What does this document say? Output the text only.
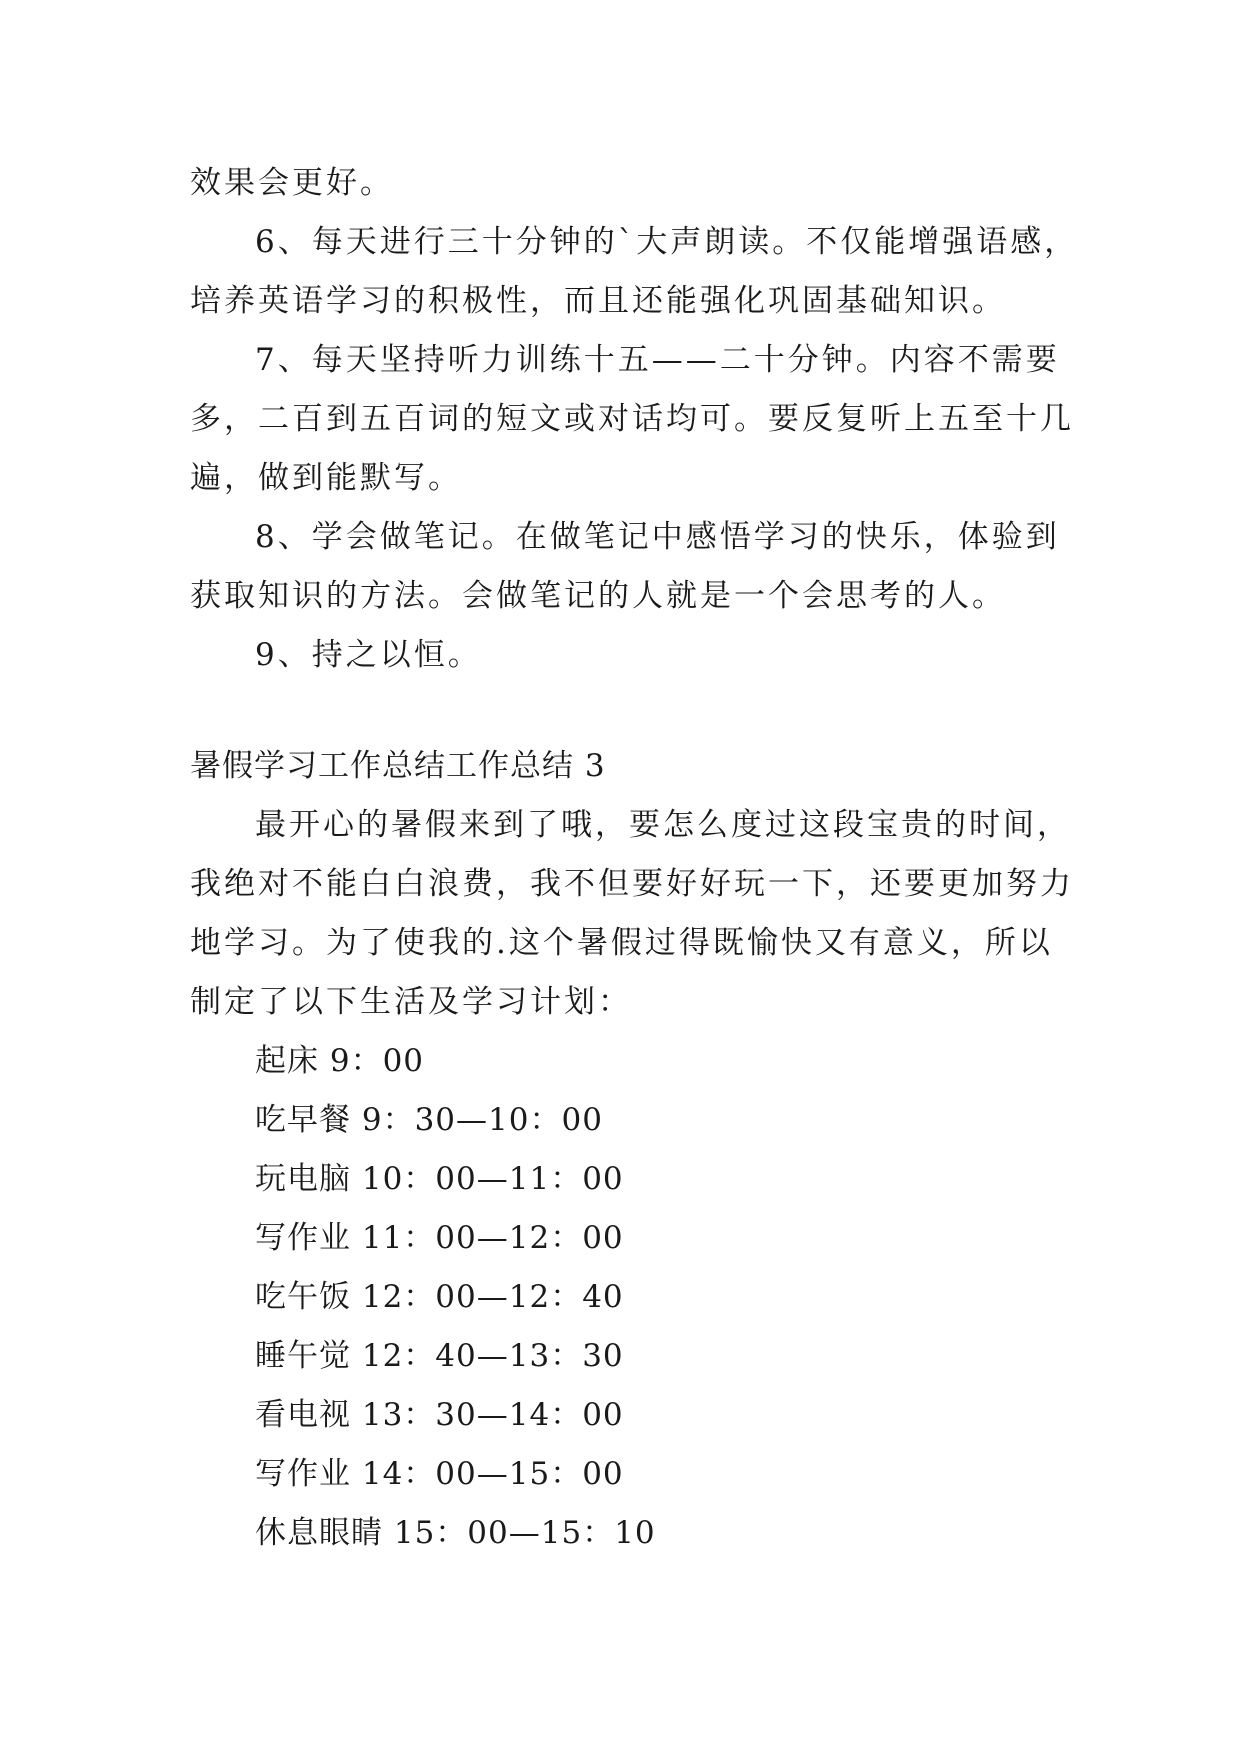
效果会更好。
6、每天进行三十分钟的`大声朗读。不仅能增强语感，
培养英语学习的积极性，而且还能强化巩固基础知识。
7、每天坚持听力训练十五——二十分钟。内容不需要
多，二百到五百词的短文或对话均可。要反复听上五至十几
遍，做到能默写。
8、学会做笔记。在做笔记中感悟学习的快乐，体验到
获取知识的方法。会做笔记的人就是一个会思考的人。
9、持之以恒。
暑假学习工作总结工作总结 3
最开心的暑假来到了哦，要怎么度过这段宝贵的时间，
我绝对不能白白浪费，我不但要好好玩一下，还要更加努力
地学习。为了使我的.这个暑假过得既愉快又有意义，所以
制定了以下生活及学习计划：
起床 9：00
吃早餐 9：30—10：00
玩电脑 10：00—11：00
写作业 11：00—12：00
吃午饭 12：00—12：40
睡午觉 12：40—13：30
看电视 13：30—14：00
写作业 14：00—15：00
休息眼睛 15：00—15：10
